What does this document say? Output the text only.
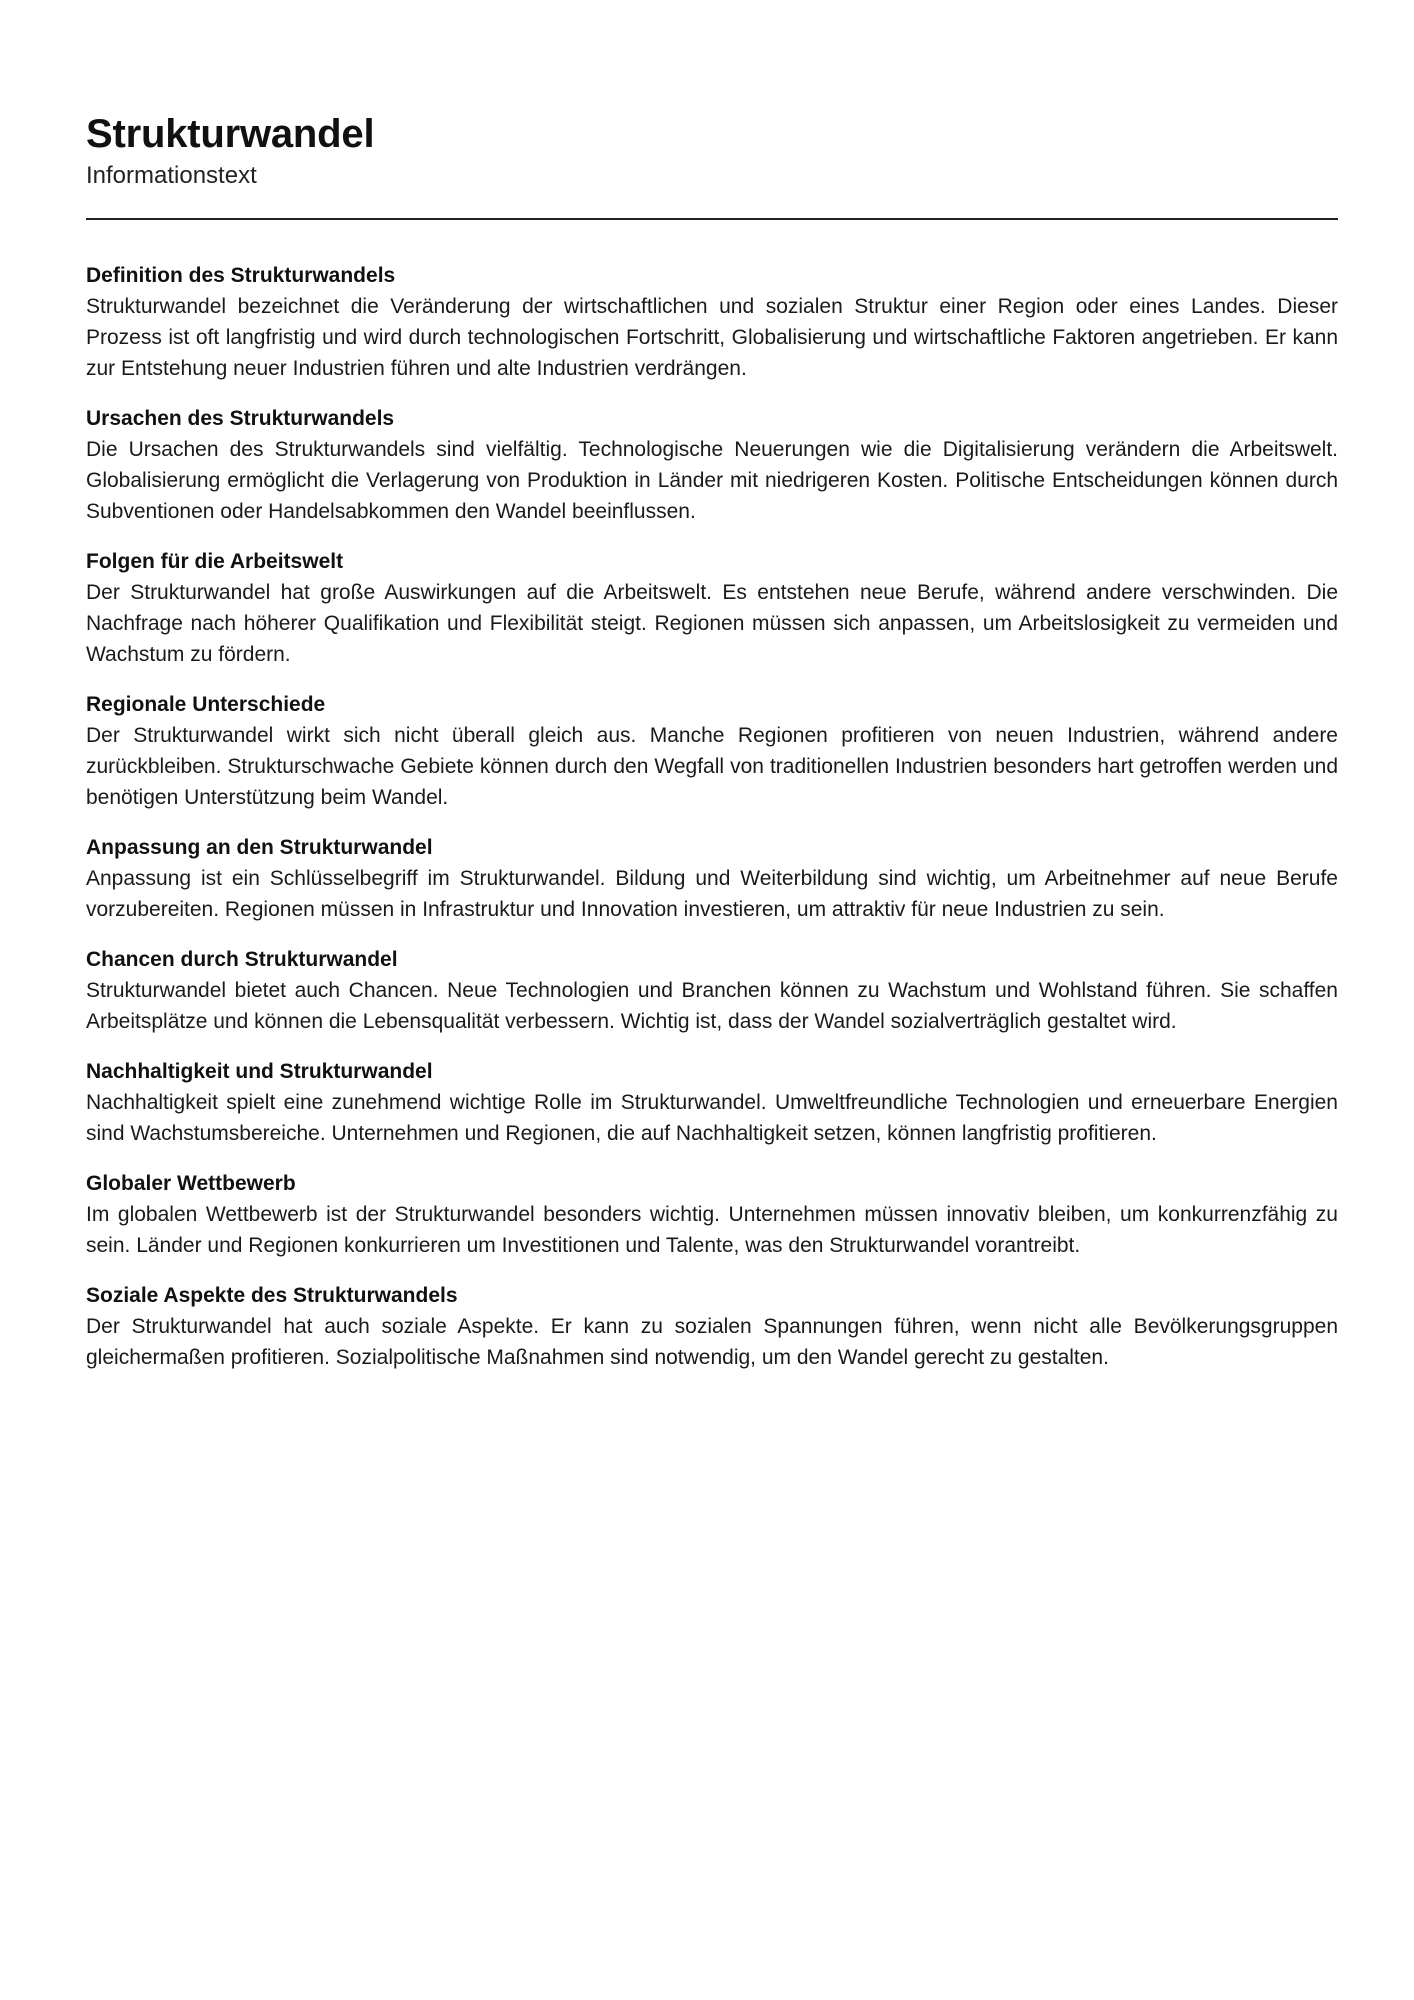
Strukturwandel

Informationstext

Definition des Strukturwandels

Strukturwandel bezeichnet die Veränderung der wirtschaftlichen und sozialen Struktur einer Region oder eines Landes. Dieser Prozess ist oft langfristig und wird durch technologischen Fortschritt, Globalisierung und wirtschaftliche Faktoren angetrieben. Er kann zur Entstehung neuer Industrien führen und alte Industrien verdrängen.

Ursachen des Strukturwandels

Die Ursachen des Strukturwandels sind vielfältig. Technologische Neuerungen wie die Digitalisierung verändern die Arbeitswelt. Globalisierung ermöglicht die Verlagerung von Produktion in Länder mit niedrigeren Kosten. Politische Entscheidungen können durch Subventionen oder Handelsabkommen den Wandel beeinflussen.

Folgen für die Arbeitswelt

Der Strukturwandel hat große Auswirkungen auf die Arbeitswelt. Es entstehen neue Berufe, während andere verschwinden. Die Nachfrage nach höherer Qualifikation und Flexibilität steigt. Regionen müssen sich anpassen, um Arbeitslosigkeit zu vermeiden und Wachstum zu fördern.

Regionale Unterschiede

Der Strukturwandel wirkt sich nicht überall gleich aus. Manche Regionen profitieren von neuen Industrien, während andere zurückbleiben. Strukturschwache Gebiete können durch den Wegfall von traditionellen Industrien besonders hart getroffen werden und benötigen Unterstützung beim Wandel.

Anpassung an den Strukturwandel

Anpassung ist ein Schlüsselbegriff im Strukturwandel. Bildung und Weiterbildung sind wichtig, um Arbeitnehmer auf neue Berufe vorzubereiten. Regionen müssen in Infrastruktur und Innovation investieren, um attraktiv für neue Industrien zu sein.

Chancen durch Strukturwandel

Strukturwandel bietet auch Chancen. Neue Technologien und Branchen können zu Wachstum und Wohlstand führen. Sie schaffen Arbeitsplätze und können die Lebensqualität verbessern. Wichtig ist, dass der Wandel sozialverträglich gestaltet wird.

Nachhaltigkeit und Strukturwandel

Nachhaltigkeit spielt eine zunehmend wichtige Rolle im Strukturwandel. Umweltfreundliche Technologien und erneuerbare Energien sind Wachstumsbereiche. Unternehmen und Regionen, die auf Nachhaltigkeit setzen, können langfristig profitieren.

Globaler Wettbewerb

Im globalen Wettbewerb ist der Strukturwandel besonders wichtig. Unternehmen müssen innovativ bleiben, um konkurrenzfähig zu sein. Länder und Regionen konkurrieren um Investitionen und Talente, was den Strukturwandel vorantreibt.

Soziale Aspekte des Strukturwandels

Der Strukturwandel hat auch soziale Aspekte. Er kann zu sozialen Spannungen führen, wenn nicht alle Bevölkerungsgruppen gleichermaßen profitieren. Sozialpolitische Maßnahmen sind notwendig, um den Wandel gerecht zu gestalten.
